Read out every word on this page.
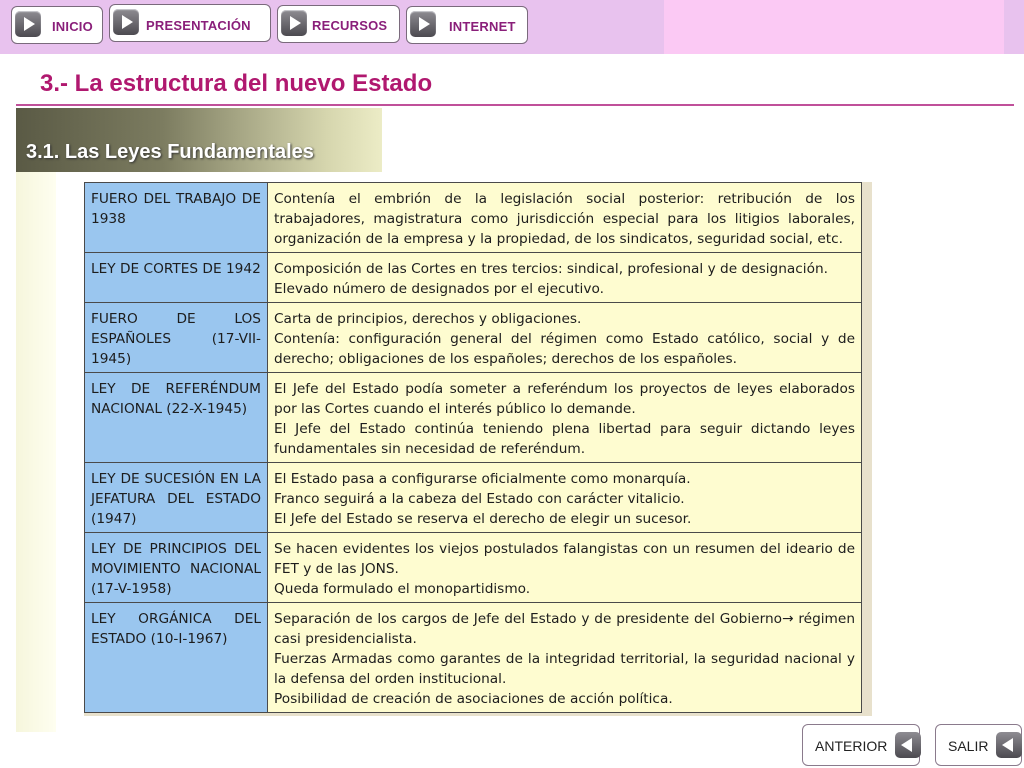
INICIO	PRESENTACIÓN	RECURSOS	INTERNET
3.- La estructura del nuevo Estado
3.1. Las Leyes Fundamentales
FUERO DEL TRABAJO DE 1938	Contenía el embrión de la legislación social posterior: retribución de los trabajadores, magistratura como jurisdicción especial para los litigios laborales, organización de la empresa y la propiedad, de los sindicatos, seguridad social, etc.

LEY DE CORTES DE 1942	Composición de las Cortes en tres tercios: sindical, profesional y de designación.
Elevado número de designados por el ejecutivo.

FUERO DE LOS ESPAÑOLES (17-VII-1945)	Carta de principios, derechos y obligaciones.
Contenía: configuración general del régimen como Estado católico, social y de derecho; obligaciones de los españoles; derechos de los españoles.

LEY DE REFERÉNDUM NACIONAL (22-X-1945)	El Jefe del Estado podía someter a referéndum los proyectos de leyes elaborados por las Cortes cuando el interés público lo demande.
El Jefe del Estado continúa teniendo plena libertad para seguir dictando leyes fundamentales sin necesidad de referéndum.

LEY DE SUCESIÓN EN LA JEFATURA DEL ESTADO (1947)	El Estado pasa a configurarse oficialmente como monarquía.
Franco seguirá a la cabeza del Estado con carácter vitalicio.
El Jefe del Estado se reserva el derecho de elegir un sucesor.

LEY DE PRINCIPIOS DEL MOVIMIENTO NACIONAL (17-V-1958)	Se hacen evidentes los viejos postulados falangistas con un resumen del ideario de FET y de las JONS.
Queda formulado el monopartidismo.

LEY ORGÁNICA DEL ESTADO (10-I-1967)	Separación de los cargos de Jefe del Estado y de presidente del Gobierno→ régimen casi presidencialista.
Fuerzas Armadas como garantes de la integridad territorial, la seguridad nacional y la defensa del orden institucional.
Posibilidad de creación de asociaciones de acción política.
ANTERIOR	SALIR
